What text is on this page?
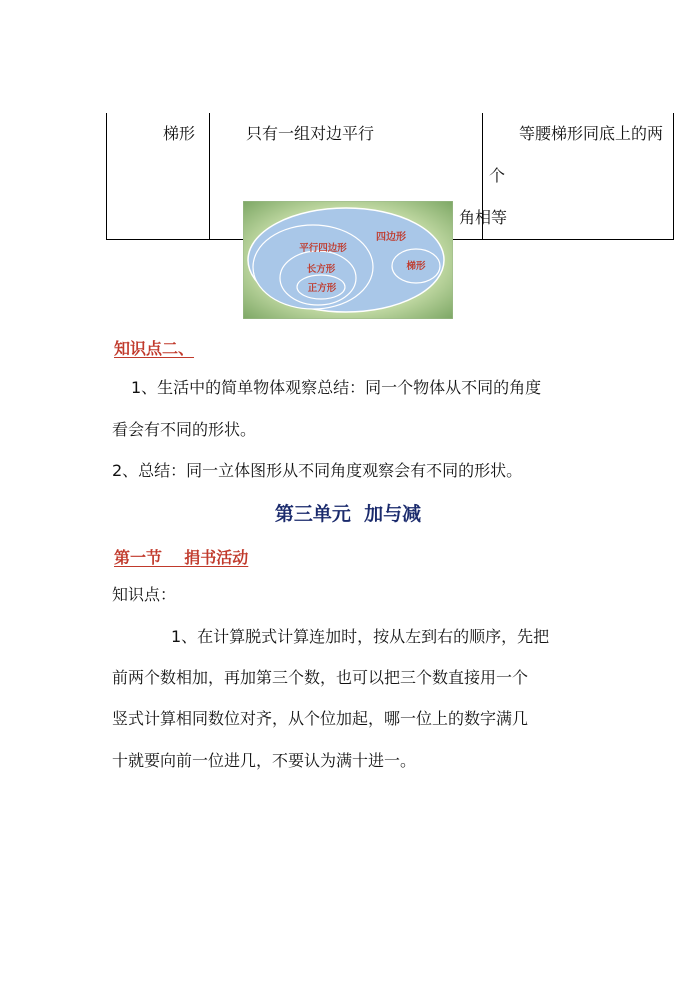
梯形	只有一组对边平行	等腰梯形同底上的两个
角相等
四边形
平行四边形
长方形
正方形
梯形
知识点二、
1、生活中的简单物体观察总结：同一个物体从不同的角度
看会有不同的形状。
2、总结：同一立体图形从不同角度观察会有不同的形状。
第三单元  加与减
第一节    捐书活动
知识点：
1、在计算脱式计算连加时，按从左到右的顺序，先把
前两个数相加，再加第三个数，也可以把三个数直接用一个
竖式计算相同数位对齐，从个位加起，哪一位上的数字满几
十就要向前一位进几，不要认为满十进一。
